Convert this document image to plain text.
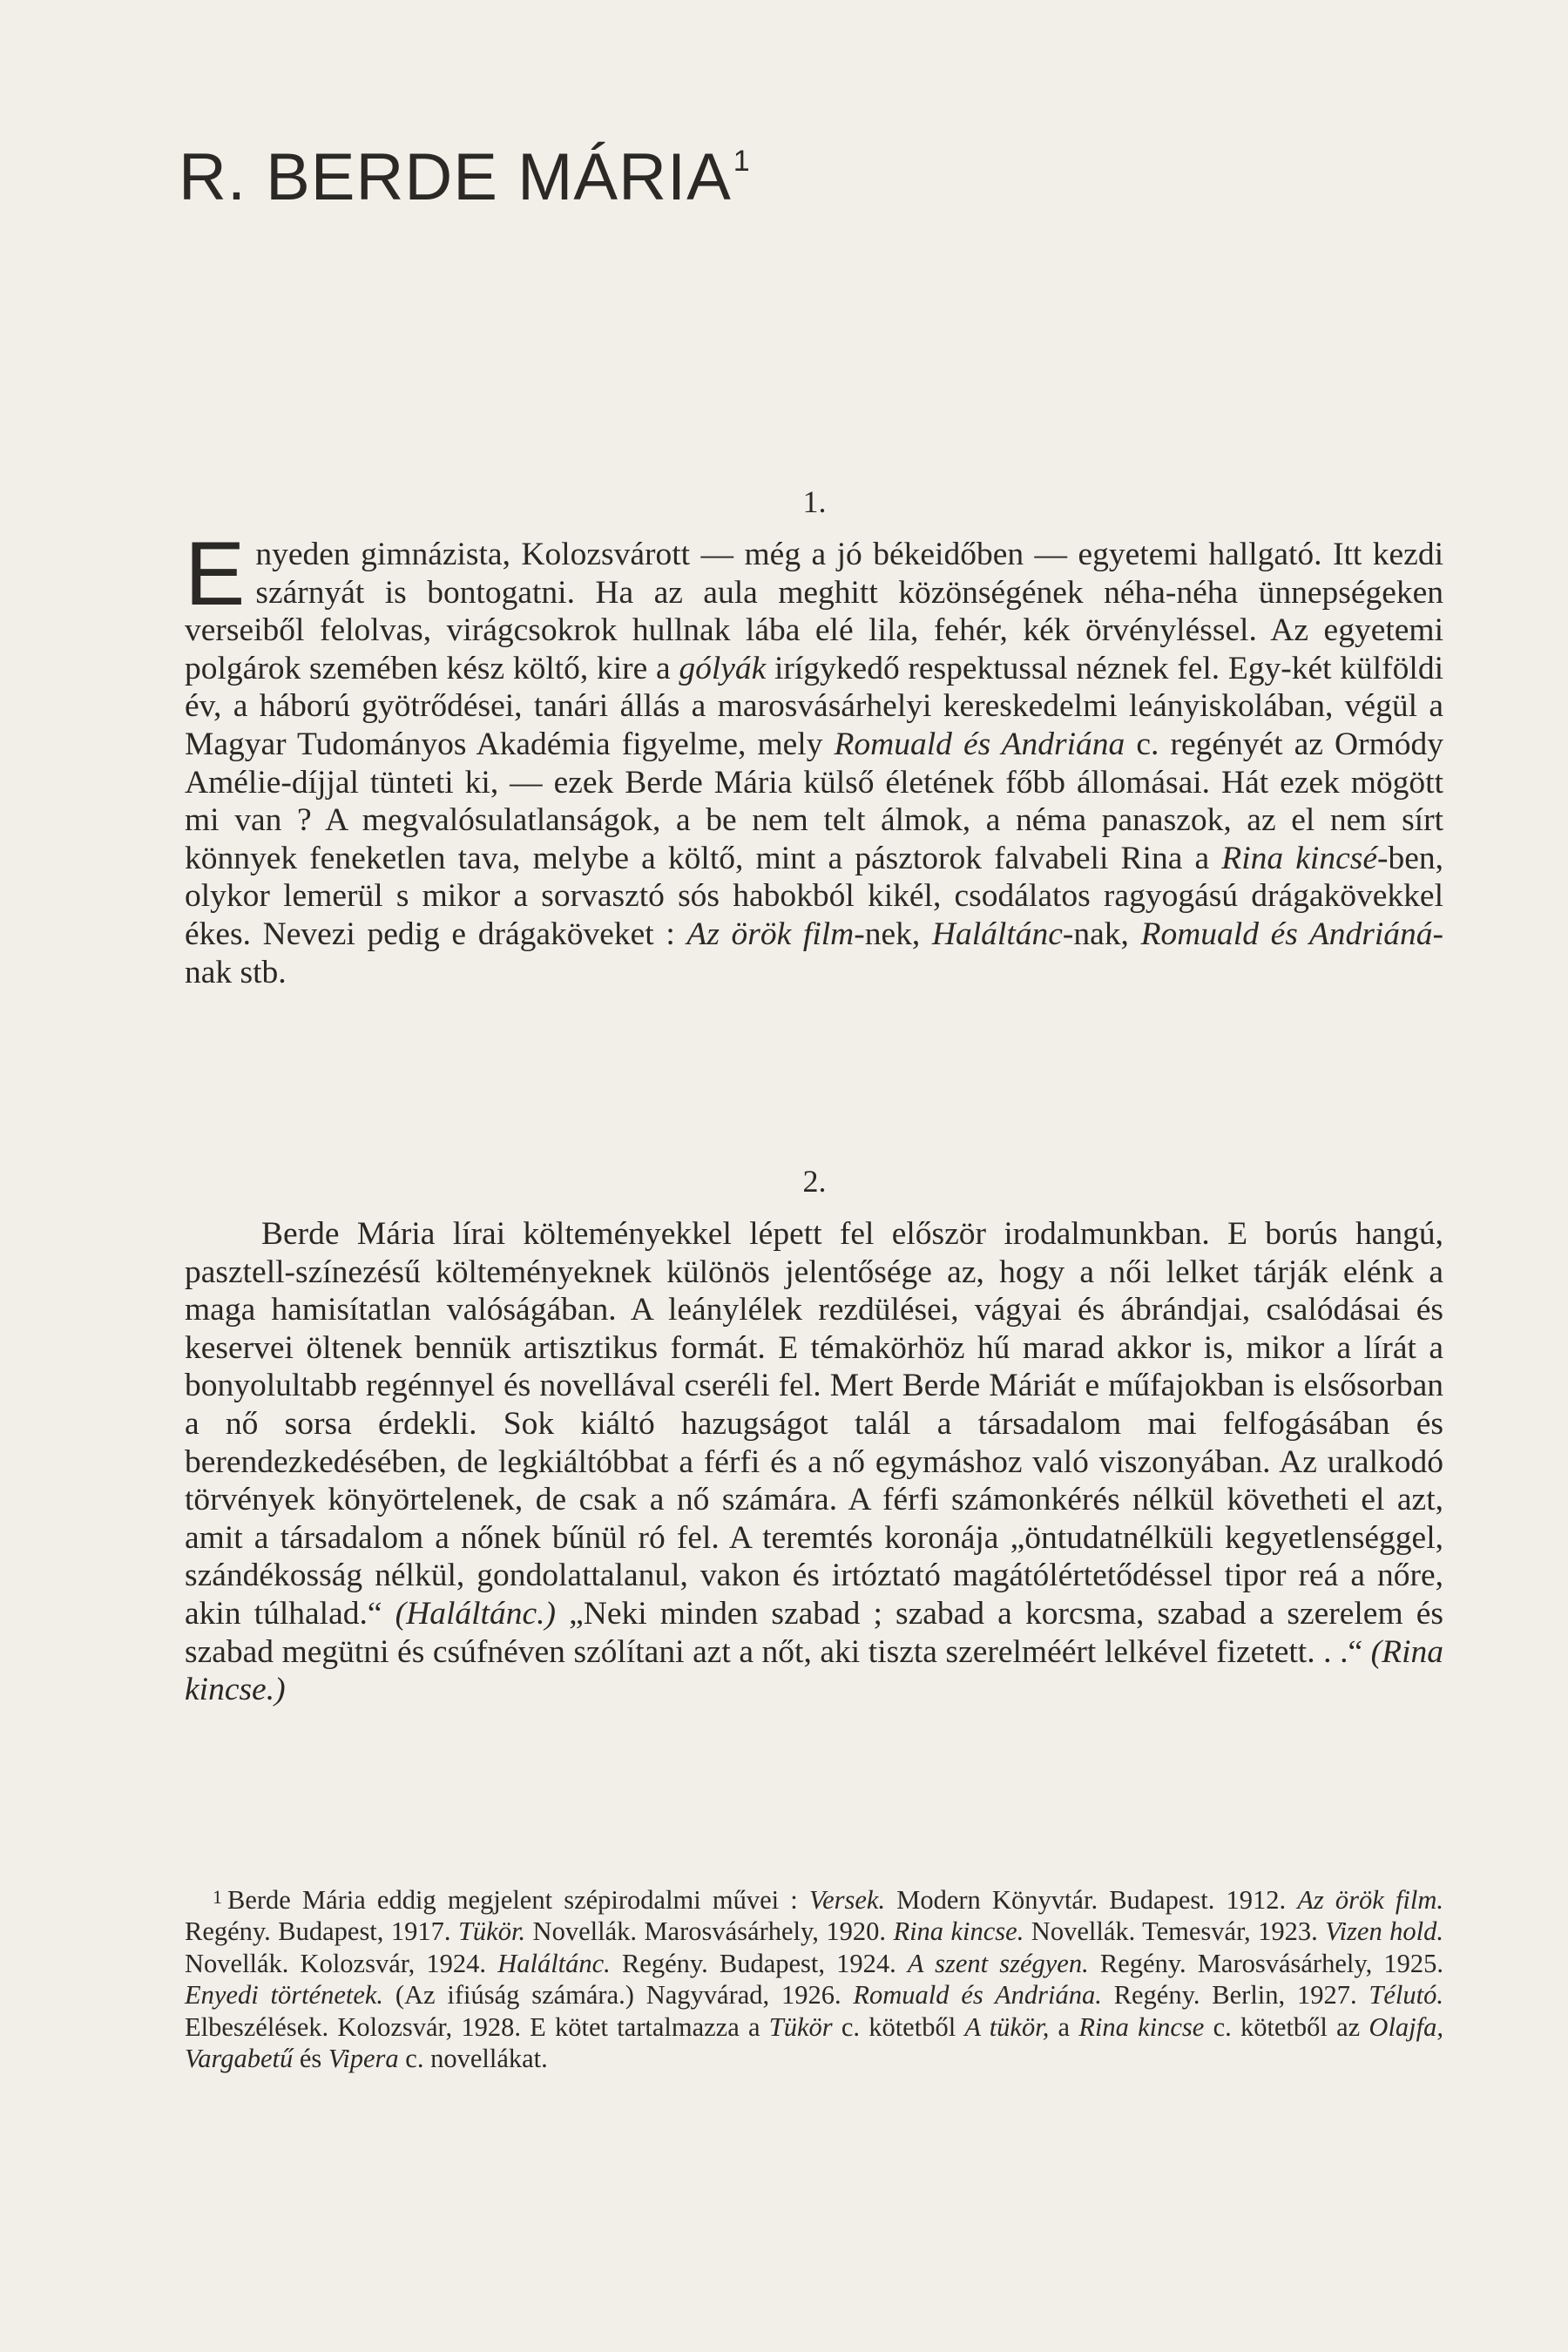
R. BERDE MÁRIA$^1$
1.

Enyeden gimnázista, Kolozsvárott — még a jó békeidőben — egyetemi hallgató. Itt kezdi szárnyát is bontogatni. Ha az aula meghitt közönségének néha-néha ünnepségeken verseiből felolvas, virágcsokrok hullnak lába elé lila, fehér, kék örvényléssel. Az egyetemi polgárok szemében kész költő, kire a gólyák irígykedő respektussal néznek fel. Egy-két külföldi év, a háború gyötrődései, tanári állás a marosvásárhelyi kereskedelmi leányiskolában, végül a Magyar Tudományos Akadémia figyelme, mely Romuald és Andriána c. regényét az Ormódy Amélie-díjjal tünteti ki, — ezek Berde Mária külső életének főbb állomásai. Hát ezek mögött mi van ? A megvalósulatlanságok, a be nem telt álmok, a néma panaszok, az el nem sírt könnyek feneketlen tava, melybe a költő, mint a pásztorok falvabeli Rina a Rina kincsé-ben, olykor lemerül s mikor a sorvasztó sós habokból kikél, csodálatos ragyogású drágakövekkel ékes. Nevezi pedig e drágaköveket : Az örök film-nek, Haláltánc-nak, Romuald és Andriáná-nak stb.

2.

Berde Mária lírai költeményekkel lépett fel először irodalmunkban. E borús hangú, pasztell-színezésű költeményeknek különös jelentősége az, hogy a női lelket tárják elénk a maga hamisítatlan valóságában. A leánylélek rezdülései, vágyai és ábrándjai, csalódásai és keservei öltenek bennük artisztikus formát. E témakörhöz hű marad akkor is, mikor a lírát a bonyolultabb regénnyel és novellával cseréli fel. Mert Berde Máriát e műfajokban is elsősorban a nő sorsa érdekli. Sok kiáltó hazugságot talál a társadalom mai felfogásában és berendezkedésében, de legkiáltóbbat a férfi és a nő egymáshoz való viszonyában. Az uralkodó törvények könyörtelenek, de csak a nő számára. A férfi számonkérés nélkül követheti el azt, amit a társadalom a nőnek bűnül ró fel. A teremtés koronája „öntudatnélküli kegyetlenséggel, szándékosság nélkül, gondolattalanul, vakon és irtóztató magátólértetődéssel tipor reá a nőre, akin túlhalad.“ (Haláltánc.) „Neki minden szabad ; szabad a korcsma, szabad a szerelem és szabad megütni és csúfnéven szólítani azt a nőt, aki tiszta szerelméért lelkével fizetett. . .“ (Rina kincse.)

1 Berde Mária eddig megjelent szépirodalmi művei : Versek. Modern Könyvtár. Budapest. 1912. Az örök film. Regény. Budapest, 1917. Tükör. Novellák. Marosvásárhely, 1920. Rina kincse. Novellák. Temesvár, 1923. Vizen hold. Novellák. Kolozsvár, 1924. Haláltánc. Regény. Budapest, 1924. A szent szégyen. Regény. Marosvásárhely, 1925. Enyedi történetek. (Az ifiúság számára.) Nagyvárad, 1926. Romuald és Andriána. Regény. Berlin, 1927. Télutó. Elbeszélések. Kolozsvár, 1928. E kötet tartalmazza a Tükör c. kötetből A tükör, a Rina kincse c. kötetből az Olajfa, Vargabetű és Vipera c. novellákat.
